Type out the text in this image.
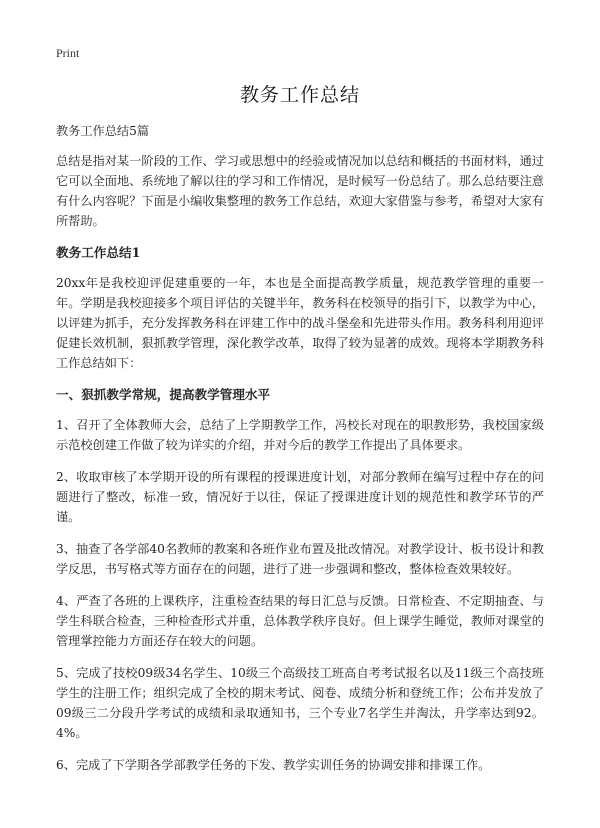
Print
教务工作总结

教务工作总结5篇

总结是指对某一阶段的工作、学习或思想中的经验或情况加以总结和概括的书面材料，通过它可以全面地、系统地了解以往的学习和工作情况，是时候写一份总结了。那么总结要注意有什么内容呢？下面是小编收集整理的教务工作总结，欢迎大家借鉴与参考，希望对大家有所帮助。

教务工作总结1

20xx年是我校迎评促建重要的一年，本也是全面提高教学质量，规范教学管理的重要一年。学期是我校迎接多个项目评估的关键半年，教务科在校领导的指引下，以教学为中心，以评建为抓手，充分发挥教务科在评建工作中的战斗堡垒和先进带头作用。教务科利用迎评促建长效机制，狠抓教学管理，深化教学改革，取得了较为显著的成效。现将本学期教务科工作总结如下：

一、狠抓教学常规，提高教学管理水平

1、召开了全体教师大会，总结了上学期教学工作，冯校长对现在的职教形势，我校国家级示范校创建工作做了较为详实的介绍，并对今后的教学工作提出了具体要求。

2、收取审核了本学期开设的所有课程的授课进度计划，对部分教师在编写过程中存在的问题进行了整改，标准一致，情况好于以往，保证了授课进度计划的规范性和教学环节的严谨。

3、抽查了各学部40名教师的教案和各班作业布置及批改情况。对教学设计、板书设计和教学反思，书写格式等方面存在的问题，进行了进一步强调和整改，整体检查效果较好。

4、严查了各班的上课秩序，注重检查结果的每日汇总与反馈。日常检查、不定期抽查、与学生科联合检查，三种检查形式并重，总体教学秩序良好。但上课学生睡觉，教师对课堂的管理掌控能力方面还存在较大的问题。

5、完成了技校09级34名学生、10级三个高级技工班高自考考试报名以及11级三个高技班学生的注册工作；组织完成了全校的期末考试、阅卷、成绩分析和登统工作；公布并发放了09级三二分段升学考试的成绩和录取通知书，三个专业7名学生并淘汰，升学率达到92。4%。

6、完成了下学期各学部教学任务的下发、教学实训任务的协调安排和排课工作。
